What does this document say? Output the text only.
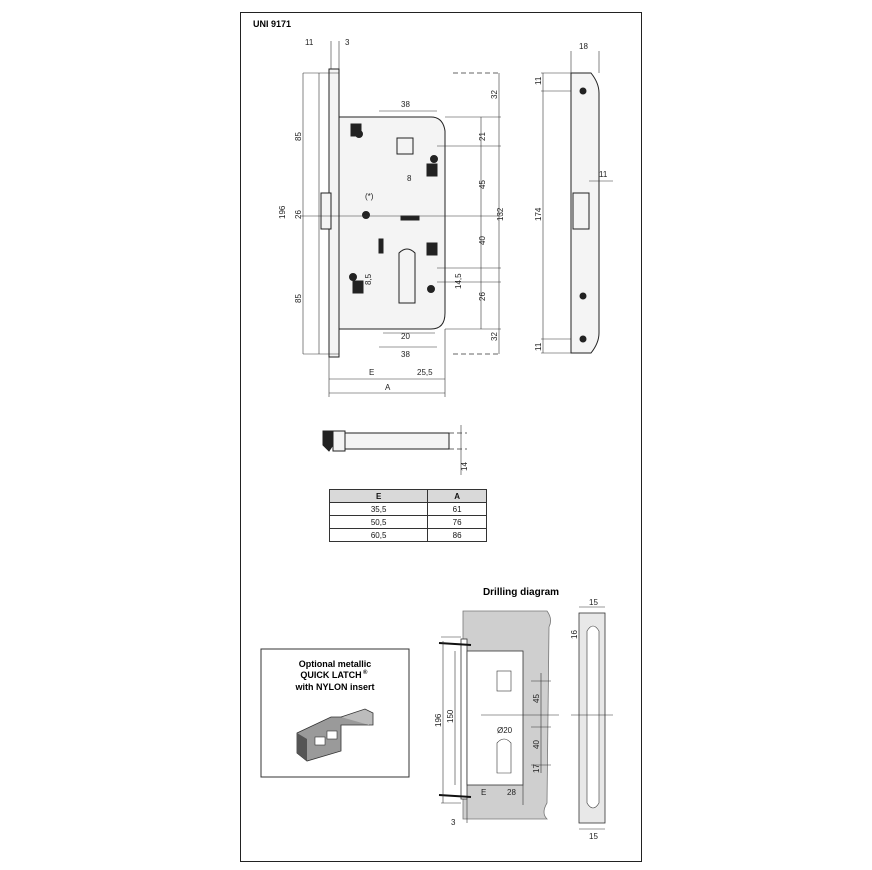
UNI 9171
11	3
38
32
21
45
8
132
40
14,5
26
32
8,5
20
38
85
26
196
85
(*)
E	25,5
A
18
11
11
174
11
14
Optional metallic
QUICK LATCH ®
with NYLON insert
Drilling diagram
196 150
45
40
17
Ø20
E	28
3
15
15
16
E	A
35,5	61
50,5	76
60,5	86
